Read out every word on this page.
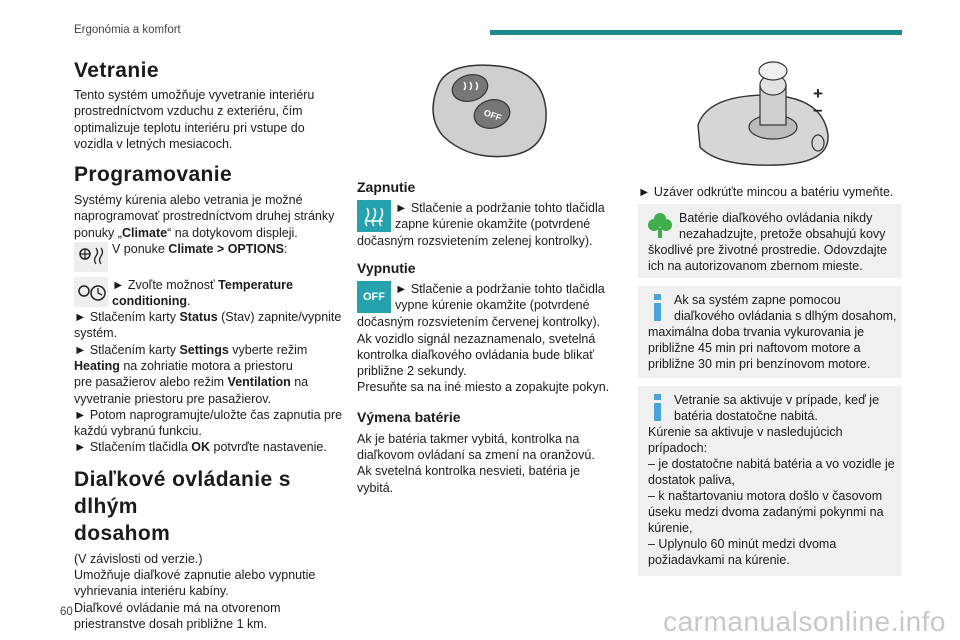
Ergonómia a komfort
Vetranie

Tento systém umožňuje vyvetranie interiéru

prostredníctvom vzduchu z exteriéru, čím

optimalizuje teplotu interiéru pri vstupe do

vozidla v letných mesiacoch.

Programovanie

Systémy kúrenia alebo vetrania je možné

naprogramovať prostredníctvom druhej stránky

ponuky „Climate“ na dotykovom displeji.

V ponuke Climate > OPTIONS:

► Zvoľte možnosť Temperature

conditioning.

► Stlačením karty Status (Stav) zapnite/vypnite

systém.

► Stlačením karty Settings vyberte režim

Heating na zohriatie motora a priestoru

pre pasažierov alebo režim Ventilation na

vyvetranie priestoru pre pasažierov.

► Potom naprogramujte/uložte čas zapnutia pre

každú vybranú funkciu.

► Stlačením tlačidla OK potvrďte nastavenie.

Diaľkové ovládanie s dlhým
dosahom

(V závislosti od verzie.)

Umožňuje diaľkové zapnutie alebo vypnutie

vyhrievania interiéru kabíny.

Diaľkové ovládanie má na otvorenom

priestranstve dosah približne 1 km.

OFF
Zapnutie

► Stlačenie a podržanie tohto tlačidla

zapne kúrenie okamžite (potvrdené

dočasným rozsvietením zelenej kontrolky).

Vypnutie
OFF

► Stlačenie a podržanie tohto tlačidla

vypne kúrenie okamžite (potvrdené

dočasným rozsvietením červenej kontrolky).

Ak vozidlo signál nezaznamenalo, svetelná

kontrolka diaľkového ovládania bude blikať

približne 2 sekundy.

Presuňte sa na iné miesto a zopakujte pokyn.

Výmena batérie

Ak je batéria takmer vybitá, kontrolka na

diaľkovom ovládaní sa zmení na oranžovú.

Ak svetelná kontrolka nesvieti, batéria je vybitá.

+
–

► Uzáver odkrúťte mincou a batériu vymeňte.

Batérie diaľkového ovládania nikdy

nezahadzujte, pretože obsahujú kovy

škodlivé pre životné prostredie. Odovzdajte

ich na autorizovanom zbernom mieste.

Ak sa systém zapne pomocou

diaľkového ovládania s dlhým dosahom,

maximálna doba trvania vykurovania je

približne 45 min pri naftovom motore a

približne 30 min pri benzínovom motore.

Vetranie sa aktivuje v prípade, keď je

batéria dostatočne nabitá.

Kúrenie sa aktivuje v nasledujúcich

prípadoch:

– je dostatočne nabitá batéria a vo vozidle je

dostatok paliva,

– k naštartovaniu motora došlo v časovom

úseku medzi dvoma zadanými pokynmi na

kúrenie,

– Uplynulo 60 minút medzi dvoma

požiadavkami na kúrenie.

60	carmanualsonline.info
